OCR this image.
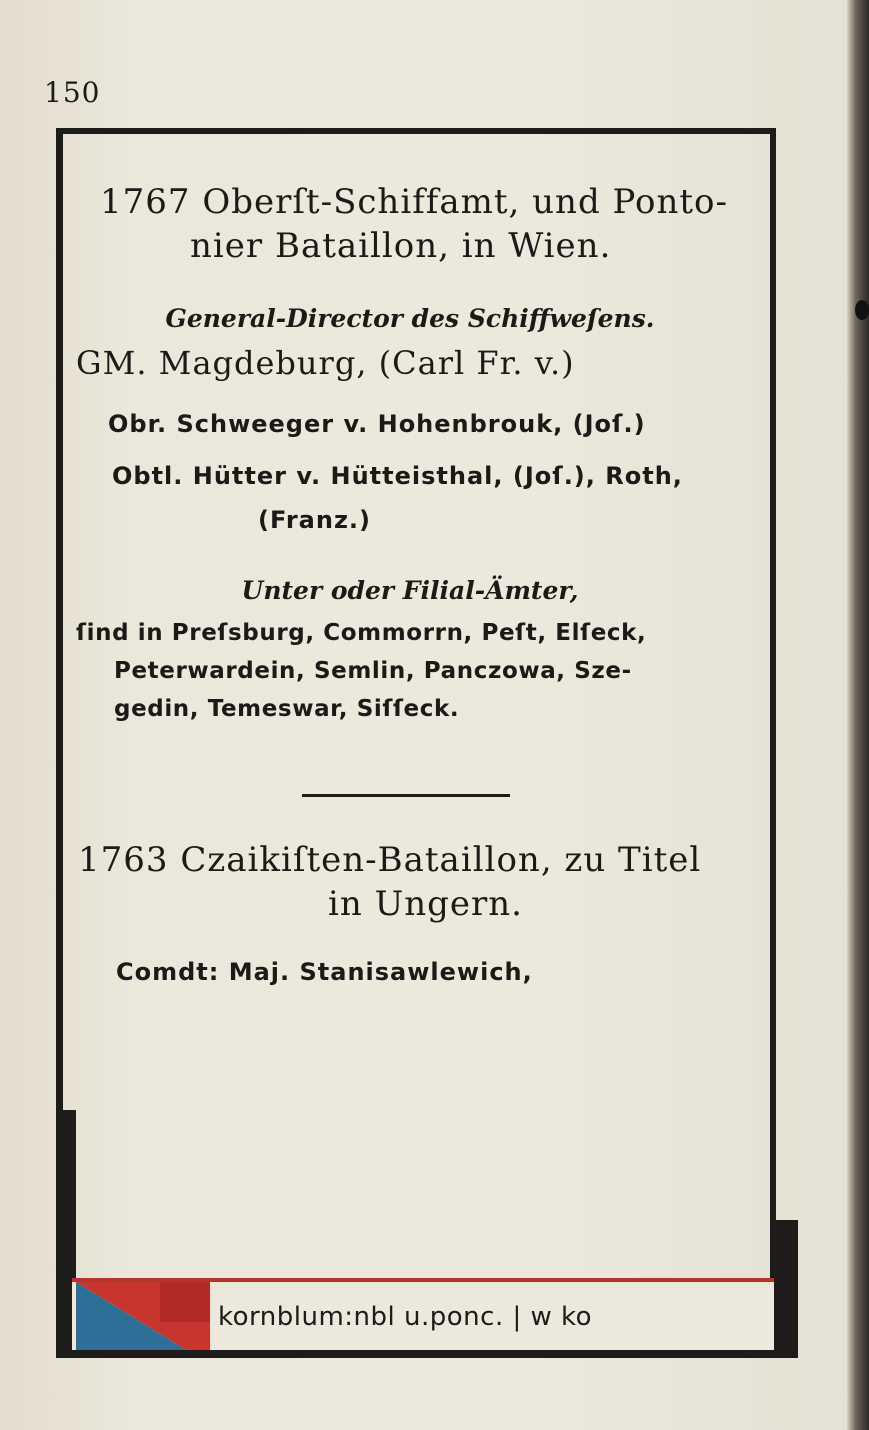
150
1767 Oberſt-Schiffamt, und Ponto-
nier Bataillon, in Wien.
General-Director des Schiffweſens.
GM. Magdeburg, (Carl Fr. v.)
Obr. Schweeger v. Hohenbrouk, (Joſ.)
Obtl. Hütter v. Hütteisthal, (Joſ.), Roth,
(Franz.)
Unter oder Filial-Ämter,
ſind in Preſsburg, Commorrn, Peſt, Elſeck,
Peterwardein, Semlin, Panczowa, Sze-
gedin, Temeswar, Siſſeck.
1763 Czaikiſten-Bataillon, zu Titel
in Ungern.
Comdt: Maj. Stanisawlewich,
kornblum:nbl u.ponc. | w ko
